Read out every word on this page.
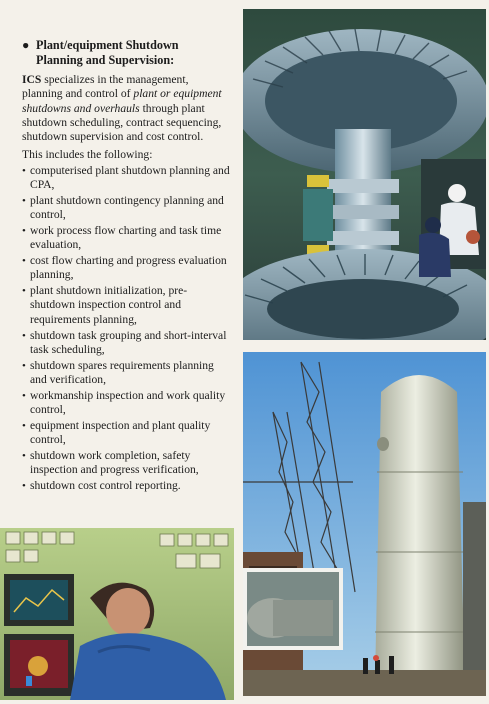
● Plant/equipment Shutdown
Planning and Supervision:

ICS specializes in the management, planning and control of plant or equipment shutdowns and overhauls through plant shutdown scheduling, contract sequencing, shutdown supervision and cost control.

This includes the following:

• computerised plant shutdown planning and CPA,
• plant shutdown contingency planning and control,
• work process flow charting and task time evaluation,
• cost flow charting and progress evaluation planning,
• plant shutdown initialization, pre-shutdown inspection control and requirements planning,
• shutdown task grouping and short-interval task scheduling,
• shutdown spares requirements planning and verification,
• workmanship inspection and work quality control,
• equipment inspection and plant quality control,
• shutdown work completion, safety inspection and progress verification,
• shutdown cost control reporting.
